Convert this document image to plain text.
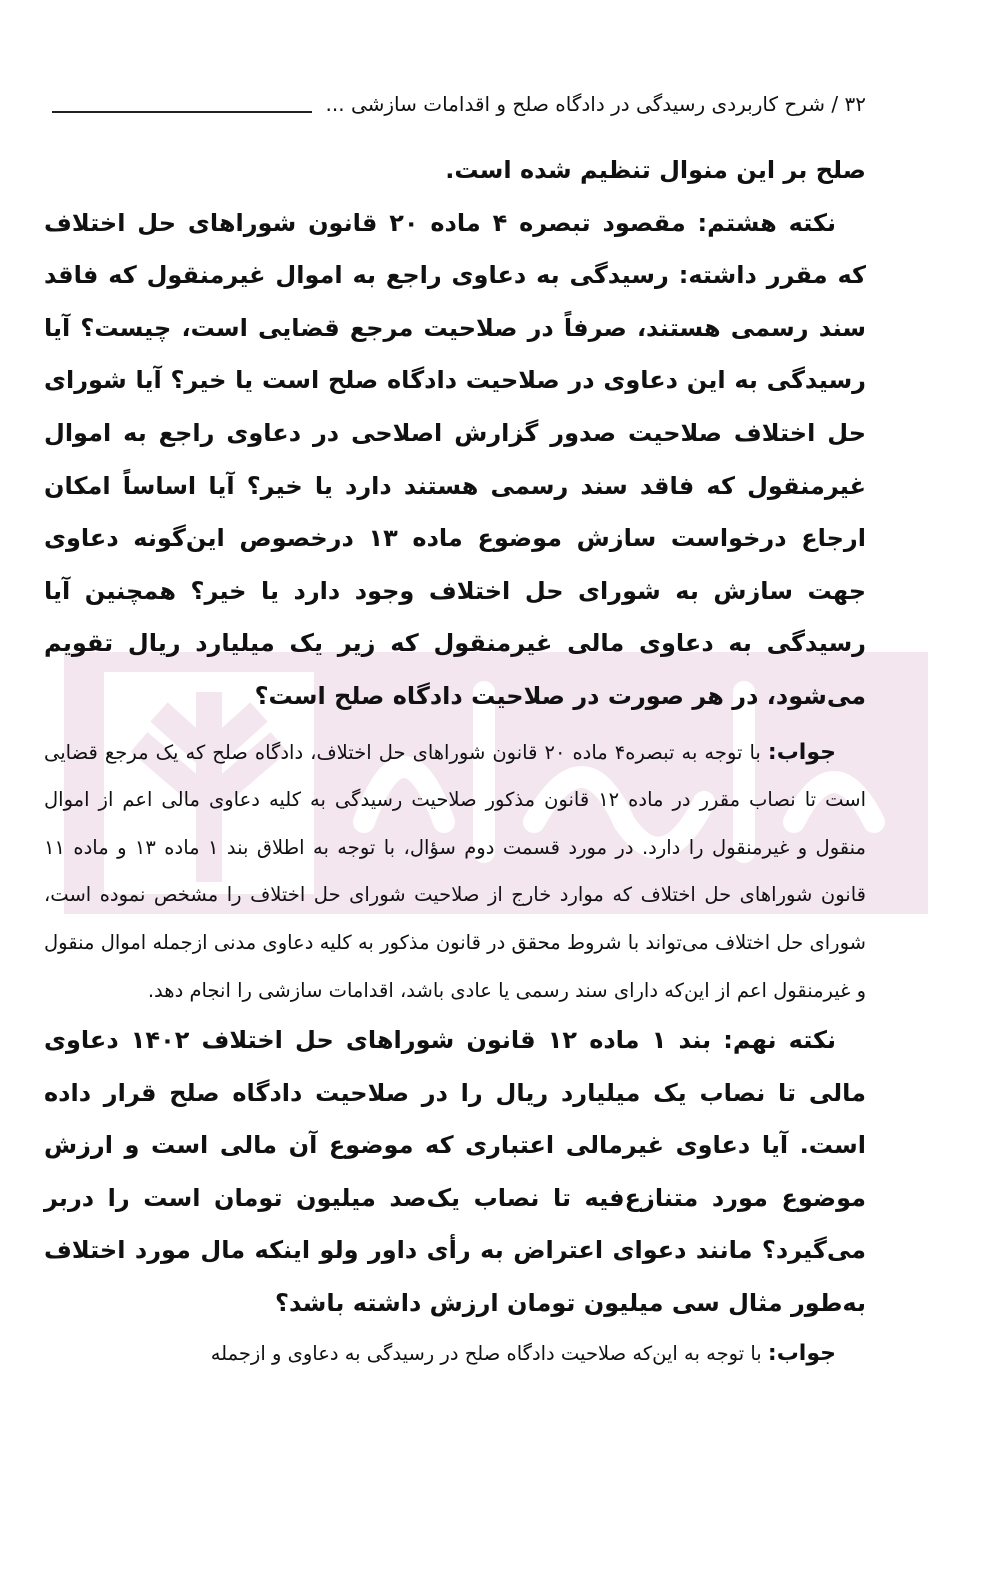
۳۲ / شرح کاربردی رسیدگی در دادگاه صلح و اقدامات سازشی ...

صلح بر این منوال تنظیم شده است.

نکته هشتم: مقصود تبصره ۴ ماده ۲۰ قانون شوراهای حل اختلاف که مقرر داشته: رسیدگی به دعاوی راجع به اموال غیرمنقول که فاقد سند رسمی هستند، صرفاً در صلاحیت مرجع قضایی است، چیست؟ آیا رسیدگی به این دعاوی در صلاحیت دادگاه صلح است یا خیر؟ آیا شورای حل اختلاف صلاحیت صدور گزارش اصلاحی در دعاوی راجع به اموال غیرمنقول که فاقد سند رسمی هستند دارد یا خیر؟ آیا اساساً امکان ارجاع درخواست سازش موضوع ماده ۱۳ درخصوص این‌گونه دعاوی جهت سازش به شورای حل اختلاف وجود دارد یا خیر؟ همچنین آیا رسیدگی به دعاوی مالی غیرمنقول که زیر یک میلیارد ریال تقویم می‌شود، در هر صورت در صلاحیت دادگاه صلح است؟

جواب: با توجه به تبصره۴ ماده ۲۰ قانون شوراهای حل اختلاف، دادگاه صلح که یک مرجع قضایی است تا نصاب مقرر در ماده ۱۲ قانون مذکور صلاحیت رسیدگی به کلیه دعاوی مالی اعم از اموال منقول و غیرمنقول را دارد. در مورد قسمت دوم سؤال، با توجه به اطلاق بند ۱ ماده ۱۳ و ماده ۱۱ قانون شوراهای حل اختلاف که موارد خارج از صلاحیت شورای حل اختلاف را مشخص نموده است، شورای حل اختلاف می‌تواند با شروط محقق در قانون مذکور به کلیه دعاوی مدنی ازجمله اموال منقول و غیرمنقول اعم از این‌که دارای سند رسمی یا عادی باشد، اقدامات سازشی را انجام دهد.

نکته نهم: بند ۱ ماده ۱۲ قانون شوراهای حل اختلاف ۱۴۰۲ دعاوی مالی تا نصاب یک میلیارد ریال را در صلاحیت دادگاه صلح قرار داده است. آیا دعاوی غیرمالی اعتباری که موضوع آن مالی است و ارزش موضوع مورد متنازع‌فیه تا نصاب یک‌صد میلیون تومان است را دربر می‌گیرد؟ مانند دعوای اعتراض به رأی داور ولو اینکه مال مورد اختلاف به‌طور مثال سی میلیون تومان ارزش داشته باشد؟

جواب: با توجه به این‌که صلاحیت دادگاه صلح در رسیدگی به دعاوی و ازجمله
